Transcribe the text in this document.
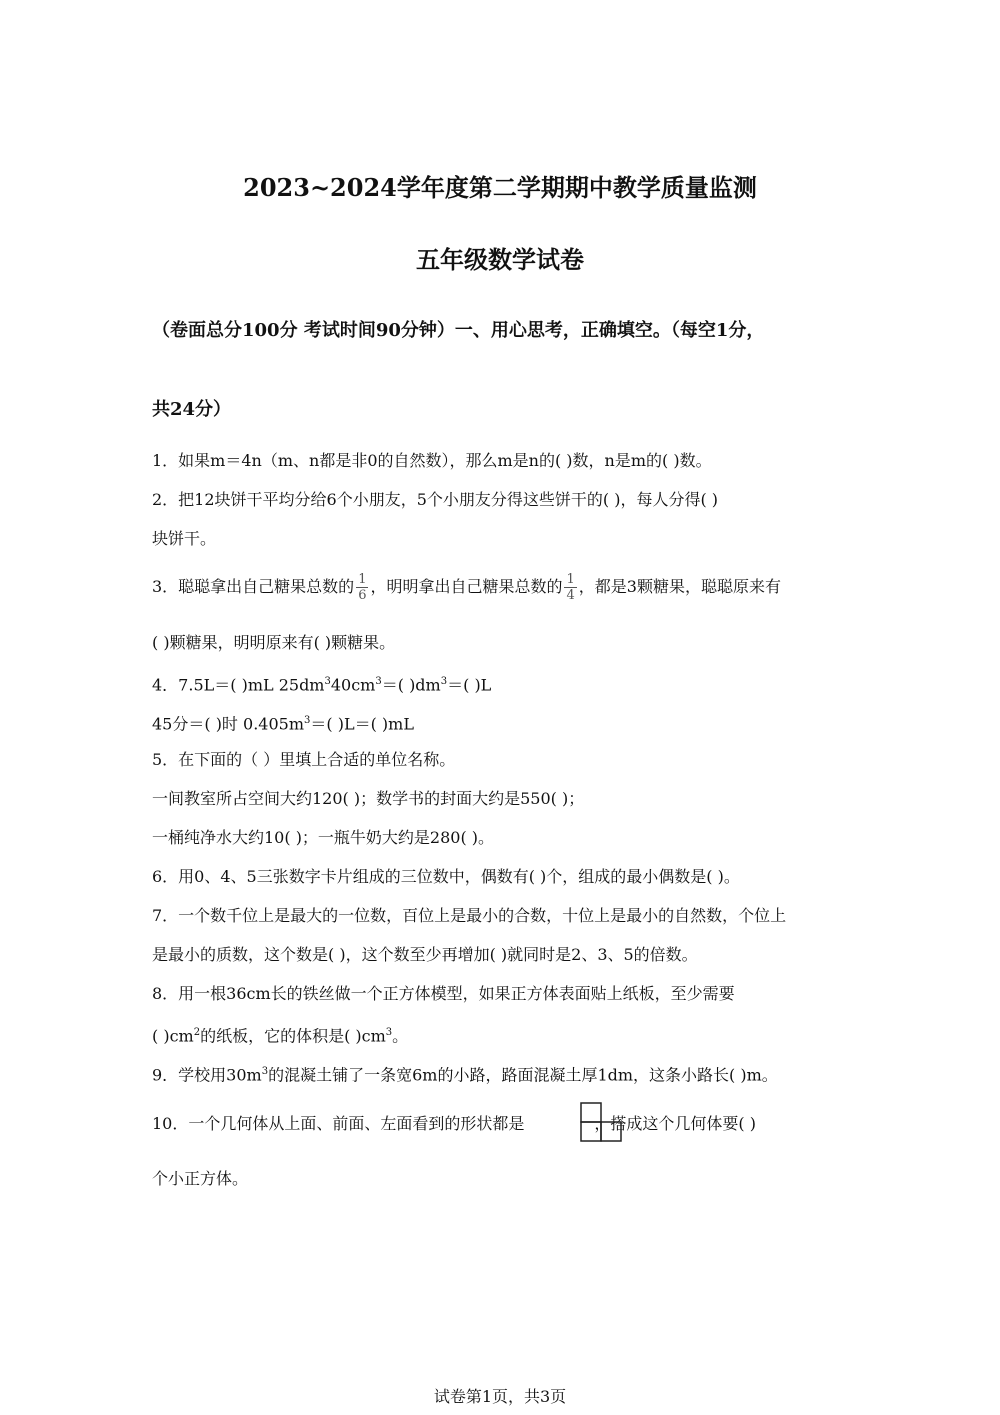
2023~2024学年度第二学期期中教学质量监测
五年级数学试卷
（卷面总分100分 考试时间90分钟）一、用心思考，正确填空。（每空1分，
共24分）
1．如果m＝4n（m、n都是非0的自然数），那么m是n的( )数，n是m的( )数。
2．把12块饼干平均分给6个小朋友，5个小朋友分得这些饼干的( )，每人分得( )
块饼干。
3．聪聪拿出自己糖果总数的 $\frac{1}{6}$ ，明明拿出自己糖果总数的 $\frac{1}{4}$ ，都是3颗糖果，聪聪原来有
( )颗糖果，明明原来有( )颗糖果。
4．7.5L＝( )mL $25dm^340cm^3=$( )$dm^3=$( )L
45分＝( )时 $0.405m^3=$( )L＝( )mL
5．在下面的（ ）里填上合适的单位名称。
一间教室所占空间大约120( )；数学书的封面大约是550( )；
一桶纯净水大约10( )；一瓶牛奶大约是280( )。
6．用0、4、5三张数字卡片组成的三位数中，偶数有( )个，组成的最小偶数是( )。
7．一个数千位上是最大的一位数，百位上是最小的合数，十位上是最小的自然数，个位上
是最小的质数，这个数是( )，这个数至少再增加( )就同时是2、3、5的倍数。
8．用一根36cm长的铁丝做一个正方体模型，如果正方体表面贴上纸板，至少需要
( )$cm^2$的纸板，它的体积是( )$cm^3$。
9．学校用$30m^3$的混凝土铺了一条宽6m的小路，路面混凝土厚1dm，这条小路长( )m。
10．一个几何体从上面、前面、左面看到的形状都是	，搭成这个几何体要( )
个小正方体。
试卷第1页，共3页
